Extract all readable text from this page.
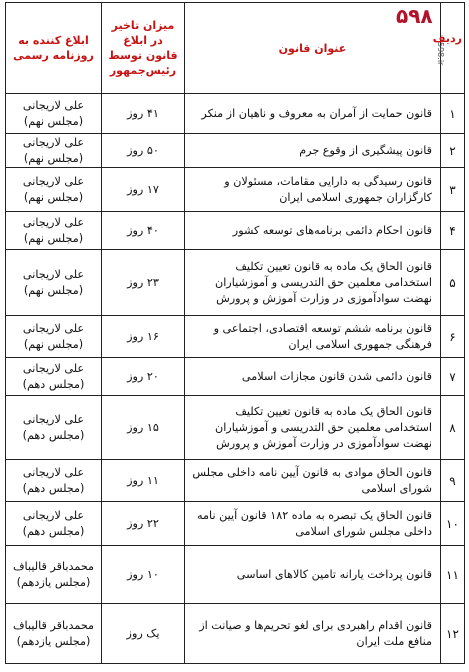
ردیف	عنوان قانون	میزان تاخیر در ابلاغ قانون توسط رئیس‌جمهور	ابلاغ کننده به روزنامه رسمی
۱	قانون حمایت از آمران به معروف و ناهیان از منکر	۴۱ روز	علی لاریجانی (مجلس نهم)
۲	قانون پیشگیری از وقوع جرم	۵۰ روز	علی لاریجانی (مجلس نهم)
۳	قانون رسیدگی به دارایی مقامات، مسئولان و کارگزاران جمهوری اسلامی ایران	۱۷ روز	علی لاریجانی (مجلس نهم)
۴	قانون احکام دائمی برنامه‌های توسعه کشور	۴۰ روز	علی لاریجانی (مجلس نهم)
۵	قانون الحاق یک ماده به قانون تعیین تکلیف استخدامی معلمین حق التدریسی و آموزشیاران نهضت سوادآموزی در وزارت آموزش و پرورش	۲۳ روز	علی لاریجانی (مجلس نهم)
۶	قانون برنامه ششم توسعه اقتصادی، اجتماعی و فرهنگی جمهوری اسلامی ایران	۱۶ روز	علی لاریجانی (مجلس نهم)
۷	قانون دائمی شدن قانون مجازات اسلامی	۲۰ روز	علی لاریجانی (مجلس دهم)
۸	قانون الحاق یک ماده به قانون تعیین تکلیف استخدامی معلمین حق التدریسی و آموزشیاران نهضت سوادآموزی در وزارت آموزش و پرورش	۱۵ روز	علی لاریجانی (مجلس دهم)
۹	قانون الحاق موادی به قانون آیین نامه داخلی مجلس شورای اسلامی	۱۱ روز	علی لاریجانی (مجلس دهم)
۱۰	قانون الحاق یک تبصره به ماده ۱۸۲ قانون آیین نامه داخلی مجلس شورای اسلامی	۲۲ روز	علی لاریجانی (مجلس دهم)
۱۱	قانون پرداخت یارانه تامین کالاهای اساسی	۱۰ روز	محمدباقر قالیباف (مجلس یازدهم)
۱۲	قانون اقدام راهبردی برای لغو تحریم‌ها و صیانت از منافع ملت ایران	یک روز	محمدباقر قالیباف (مجلس یازدهم)
۵۹۸
598.ir
